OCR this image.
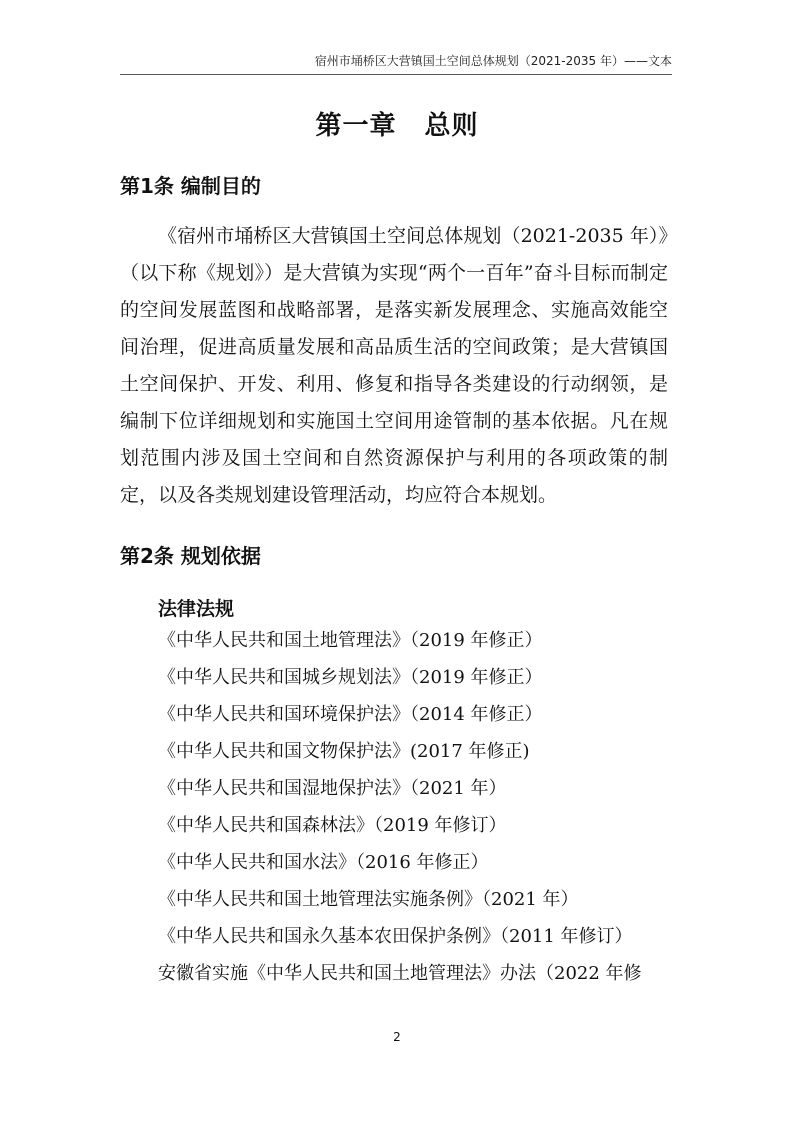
宿州市埇桥区大营镇国土空间总体规划（2021-2035 年）——文本
第一章 总则
第1条 编制目的

《宿州市埇桥区大营镇国土空间总体规划（2021-2035 年）》（以下称《规划》）是大营镇为实现“两个一百年”奋斗目标而制定的空间发展蓝图和战略部署，是落实新发展理念、实施高效能空间治理，促进高质量发展和高品质生活的空间政策；是大营镇国土空间保护、开发、利用、修复和指导各类建设的行动纲领，是编制下位详细规划和实施国土空间用途管制的基本依据。凡在规划范围内涉及国土空间和自然资源保护与利用的各项政策的制定，以及各类规划建设管理活动，均应符合本规划。

第2条 规划依据
法律法规
《中华人民共和国土地管理法》（2019 年修正）
《中华人民共和国城乡规划法》（2019 年修正）
《中华人民共和国环境保护法》（2014 年修正）
《中华人民共和国文物保护法》(2017 年修正)
《中华人民共和国湿地保护法》（2021 年）
《中华人民共和国森林法》（2019 年修订）
《中华人民共和国水法》（2016 年修正）
《中华人民共和国土地管理法实施条例》（2021 年）
《中华人民共和国永久基本农田保护条例》（2011 年修订）
安徽省实施《中华人民共和国土地管理法》办法（2022 年修
2
